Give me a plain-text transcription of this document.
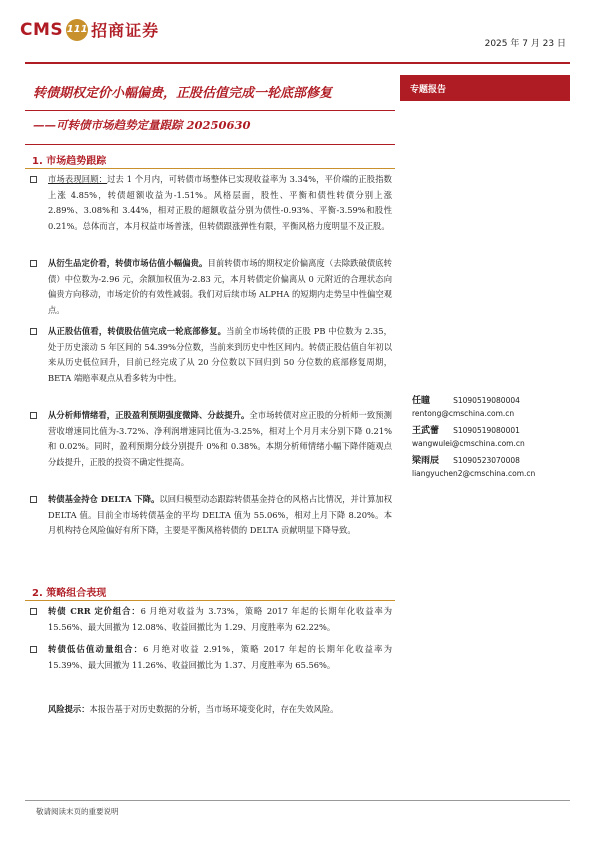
CMS 111 招商证券
2025 年 7 月 23 日
转债期权定价小幅偏贵，正股估值完成一轮底部修复
——可转债市场趋势定量跟踪 20250630
专题报告
1. 市场趋势跟踪
市场表现回顾：过去 1 个月内，可转债市场整体已实现收益率为 3.34%，平价端的正股指数上涨 4.85%，转债超额收益为-1.51%。风格层面，股性、平衡和债性转债分别上涨 2.89%、3.08%和 3.44%，相对正股的超额收益分别为债性-0.93%、平衡-3.59%和股性 0.21%。总体而言，本月权益市场普涨，但转债跟涨弹性有限，平衡风格力度明显不及正股。
从衍生品定价看，转债市场估值小幅偏贵。目前转债市场的期权定价偏离度（去除跌破债底转债）中位数为-2.96 元，余额加权值为-2.83 元，本月转债定价偏离从 0 元附近的合理状态向偏贵方向移动，市场定价的有效性减弱。我们对后续市场 ALPHA 的短期内走势呈中性偏空观点。
从正股估值看，转债股估值完成一轮底部修复。当前全市场转债的正股 PB 中位数为 2.35，处于历史滚动 5 年区间的 54.39%分位数，当前来到历史中性区间内。转债正股估值自年初以来从历史低位回升，目前已经完成了从 20 分位数以下回归到 50 分位数的底部修复周期，BETA 端赔率观点从看多转为中性。
从分析师情绪看，正股盈利预期强度微降、分歧提升。全市场转债对应正股的分析师一致预测营收增速同比值为-3.72%、净利润增速同比值为-3.25%，相对上个月月末分别下降 0.21%和 0.02%。同时，盈利预期分歧分别提升 0%和 0.38%。本期分析师情绪小幅下降伴随观点分歧提升，正股的投资不确定性提高。
转债基金持仓 DELTA 下降。以回归模型动态跟踪转债基金持仓的风格占比情况，并计算加权 DELTA 值。目前全市场转债基金的平均 DELTA 值为 55.06%，相对上月下降 8.20%。本月机构持仓风险偏好有所下降，主要是平衡风格转债的 DELTA 贡献明显下降导致。
2. 策略组合表现
转债 CRR 定价组合：6 月绝对收益为 3.73%，策略 2017 年起的长期年化收益率为 15.56%、最大回撤为 12.08%、收益回撤比为 1.29、月度胜率为 62.22%。
转债低估值动量组合：6 月绝对收益 2.91%，策略 2017 年起的长期年化收益率为 15.39%、最大回撤为 11.26%、收益回撤比为 1.37、月度胜率为 65.56%。
风险提示：本报告基于对历史数据的分析，当市场环境变化时，存在失效风险。
任瞳	S1090519080004
rentong@cmschina.com.cn
王武蕾 S1090519080001
wangwulei@cmschina.com.cn
梁雨辰 S1090523070008
liangyuchen2@cmschina.com.cn
敬请阅读末页的重要说明
